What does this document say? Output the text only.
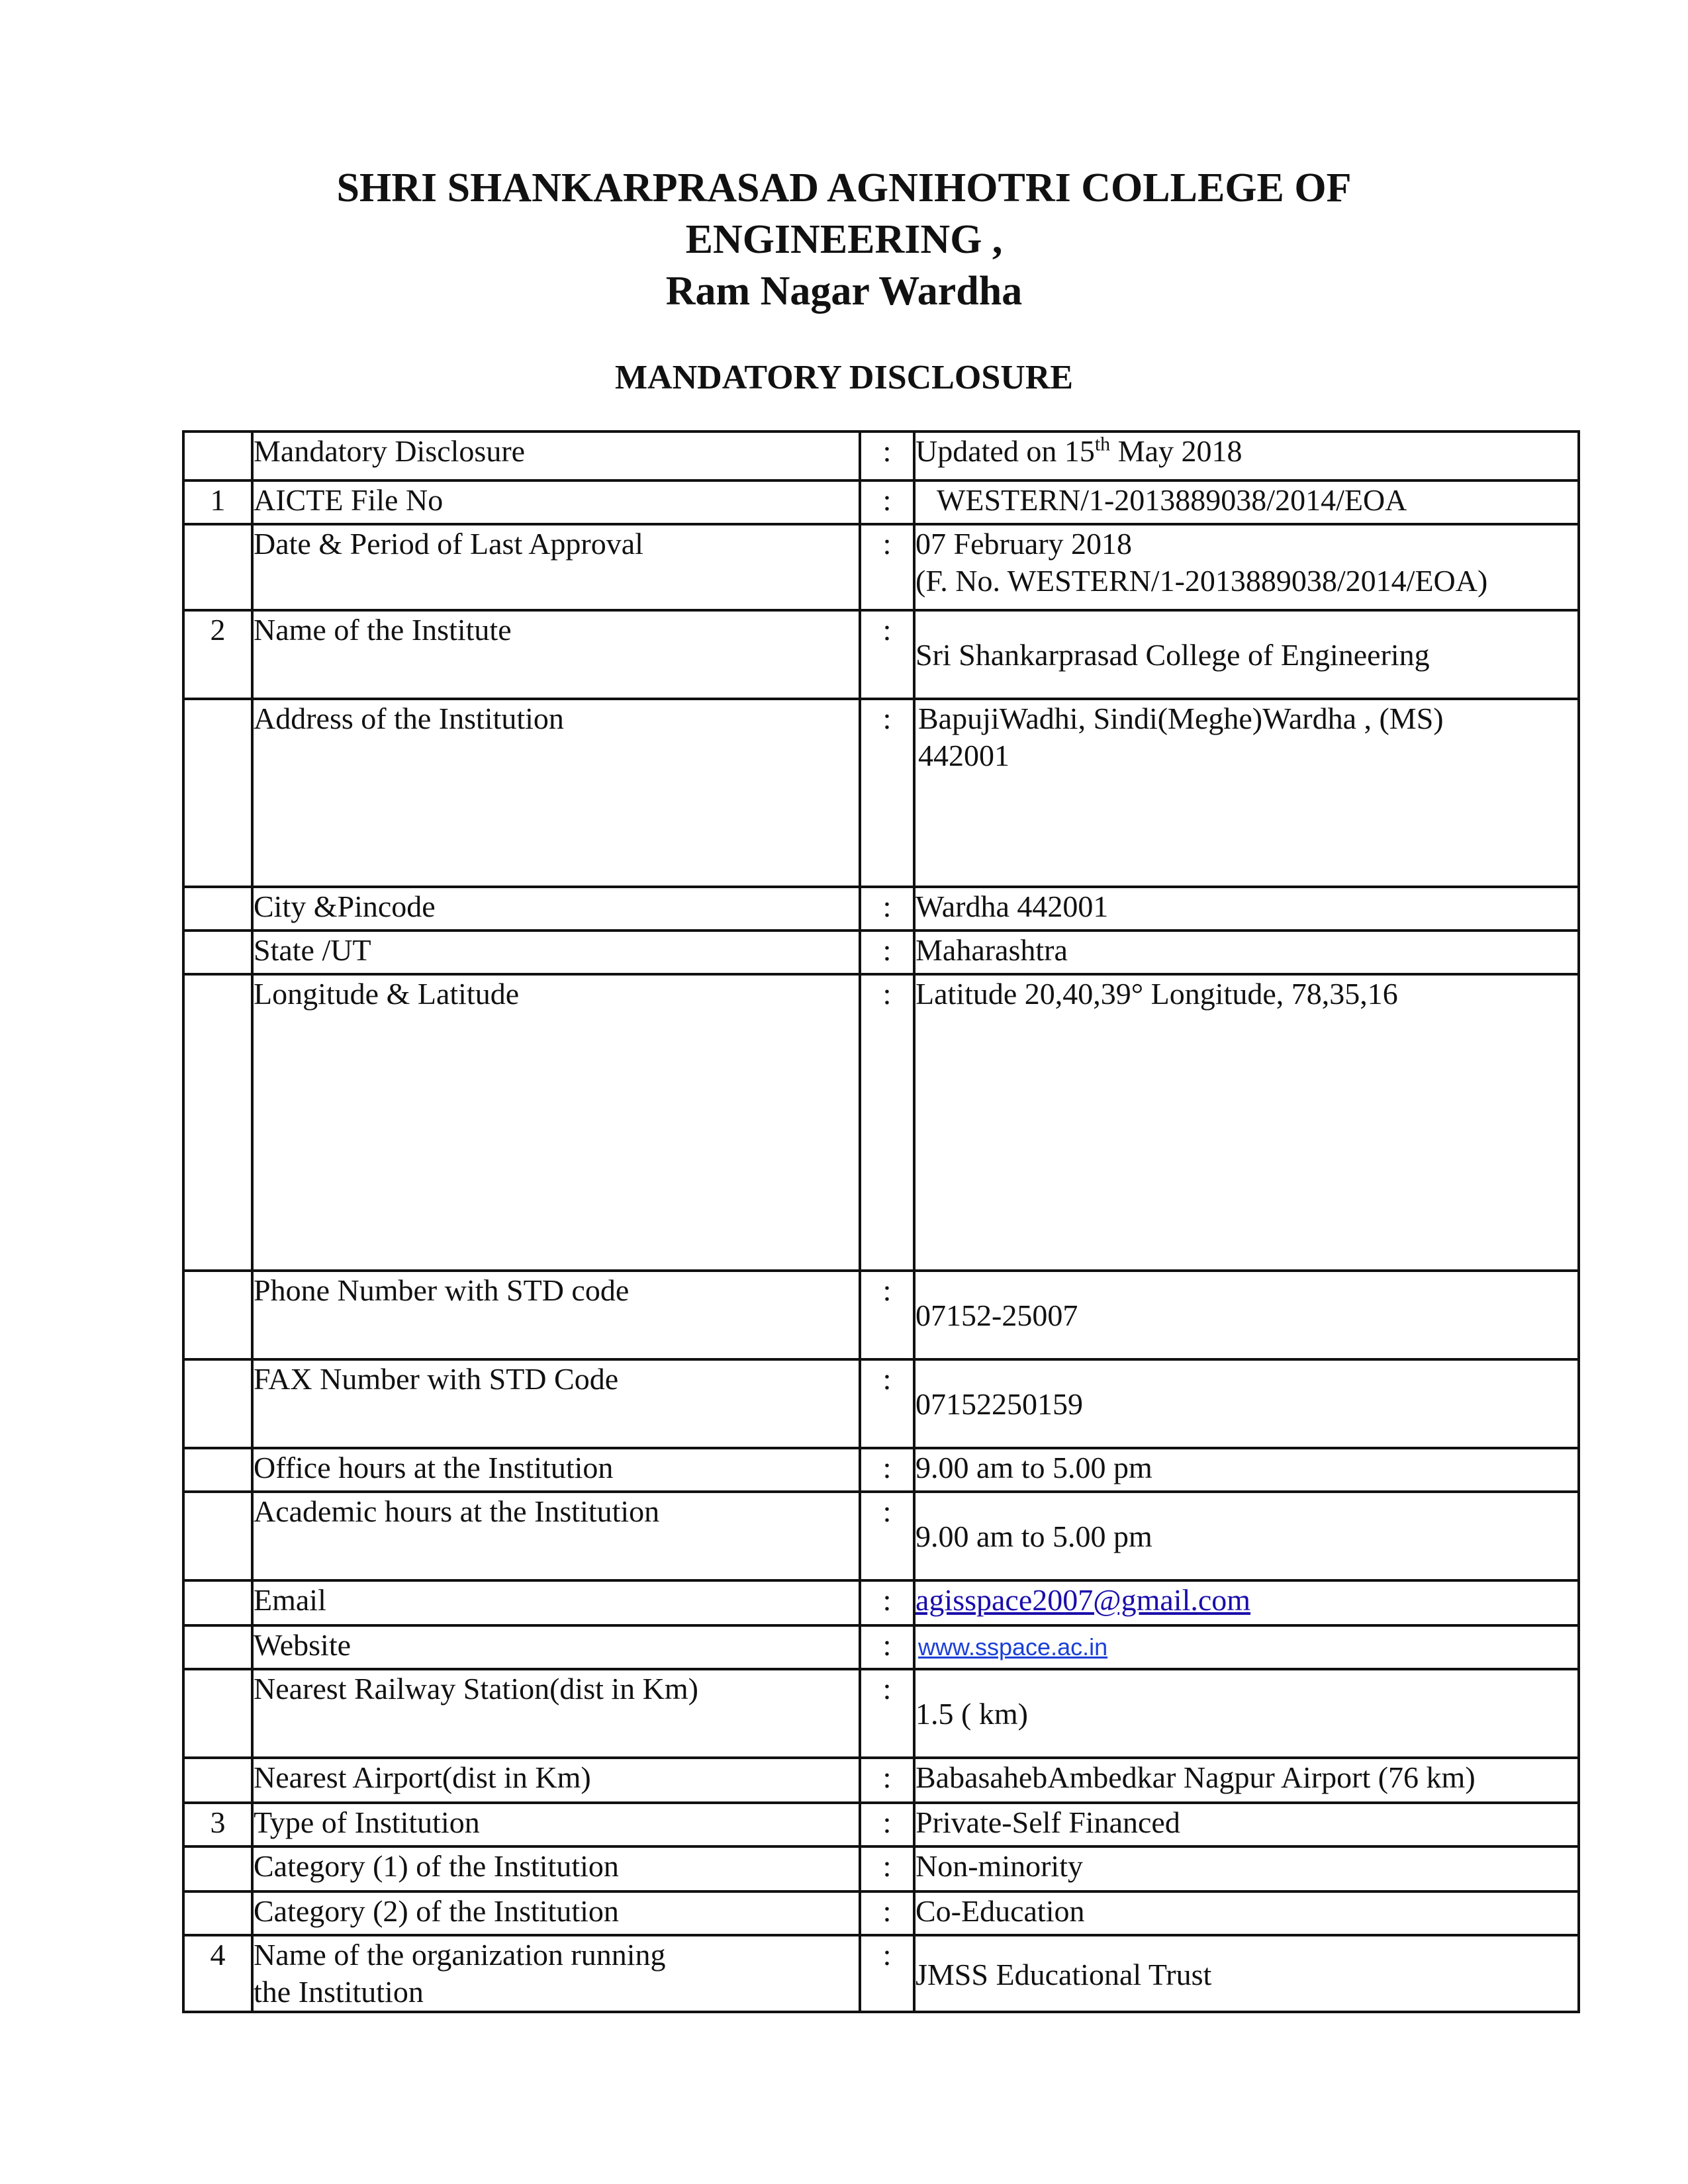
SHRI SHANKARPRASAD AGNIHOTRI COLLEGE OF
ENGINEERING ,
Ram Nagar Wardha
MANDATORY DISCLOSURE
	Mandatory Disclosure	:	Updated on 15th May 2018
1	AICTE File No	:	WESTERN/1-2013889038/2014/EOA
	Date & Period of Last Approval	:	07 February 2018
(F. No. WESTERN/1-2013889038/2014/EOA)

2	Name of the Institute	:	Sri Shankarprasad College of Engineering
	Address of the Institution	:	BapujiWadhi, Sindi(Meghe)Wardha , (MS)
442001

	City &Pincode	:	Wardha 442001
	State /UT	:	Maharashtra
	Longitude & Latitude	:	Latitude 20,40,39° Longitude, 78,35,16
	Phone Number with STD code	:	07152-25007
	FAX Number with STD Code	:	07152250159
	Office hours at the Institution	:	9.00 am to 5.00 pm
	Academic hours at the Institution	:	9.00 am to 5.00 pm
	Email	:	agisspace2007@gmail.com
	Website	:	www.sspace.ac.in
	Nearest Railway Station(dist in Km)	:	1.5 ( km)
	Nearest Airport(dist in Km)	:	BabasahebAmbedkar Nagpur Airport (76 km)
3	Type of Institution	:	Private-Self Financed
	Category (1) of the Institution	:	Non-minority
	Category (2) of the Institution	:	Co-Education
4	Name of the organization running
the Institution	:	JMSS Educational Trust
